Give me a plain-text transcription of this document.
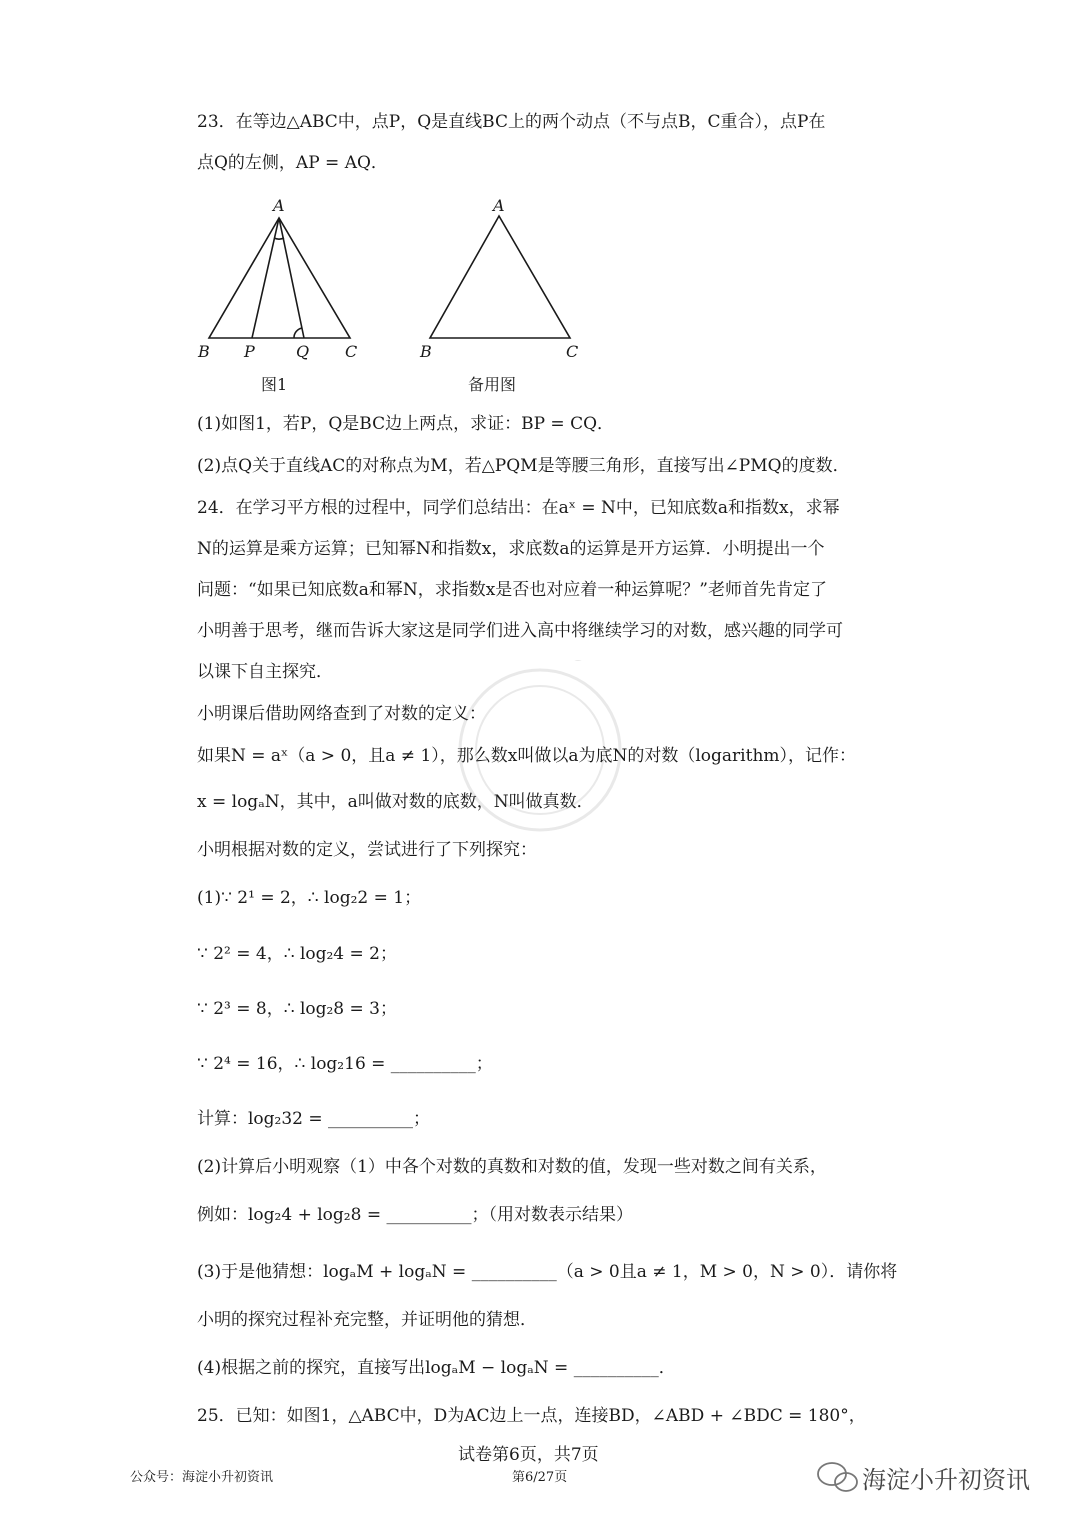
23．在等边△ABC中，点P，Q是直线BC上的两个动点（不与点B，C重合），点P在
点Q的左侧，AP = AQ．
A
B P	Q C
图1
A
B	C
备用图
(1)如图1，若P，Q是BC边上两点，求证：BP = CQ．
(2)点Q关于直线AC的对称点为M，若△PQM是等腰三角形，直接写出∠PMQ的度数．
24．在学习平方根的过程中，同学们总结出：在aˣ = N中，已知底数a和指数x，求幂
N的运算是乘方运算；已知幂N和指数x，求底数a的运算是开方运算．小明提出一个
问题：“如果已知底数a和幂N，求指数x是否也对应着一种运算呢？”老师首先肯定了
小明善于思考，继而告诉大家这是同学们进入高中将继续学习的对数，感兴趣的同学可
以课下自主探究．
小明课后借助网络查到了对数的定义：
如果N = aˣ（a > 0，且a ≠ 1），那么数x叫做以a为底N的对数（logarithm），记作：
x = logₐN，其中，a叫做对数的底数，N叫做真数．
小明根据对数的定义，尝试进行了下列探究：
(1)∵ 2¹ = 2，∴ log₂2 = 1；
∵ 2² = 4，∴ log₂4 = 2；
∵ 2³ = 8，∴ log₂8 = 3；
∵ 2⁴ = 16，∴ log₂16 = __________；
计算：log₂32 = __________；
(2)计算后小明观察（1）中各个对数的真数和对数的值，发现一些对数之间有关系，
例如：log₂4 + log₂8 = __________；（用对数表示结果）
(3)于是他猜想：logₐM + logₐN = __________（a > 0且a ≠ 1，M > 0，N > 0）．请你将
小明的探究过程补充完整，并证明他的猜想．
(4)根据之前的探究，直接写出logₐM − logₐN = __________．
25．已知：如图1，△ABC中，D为AC边上一点，连接BD，∠ABD + ∠BDC = 180°，
试卷第6页，共7页
公众号：海淀小升初资讯	第6/27页	海淀小升初资讯
